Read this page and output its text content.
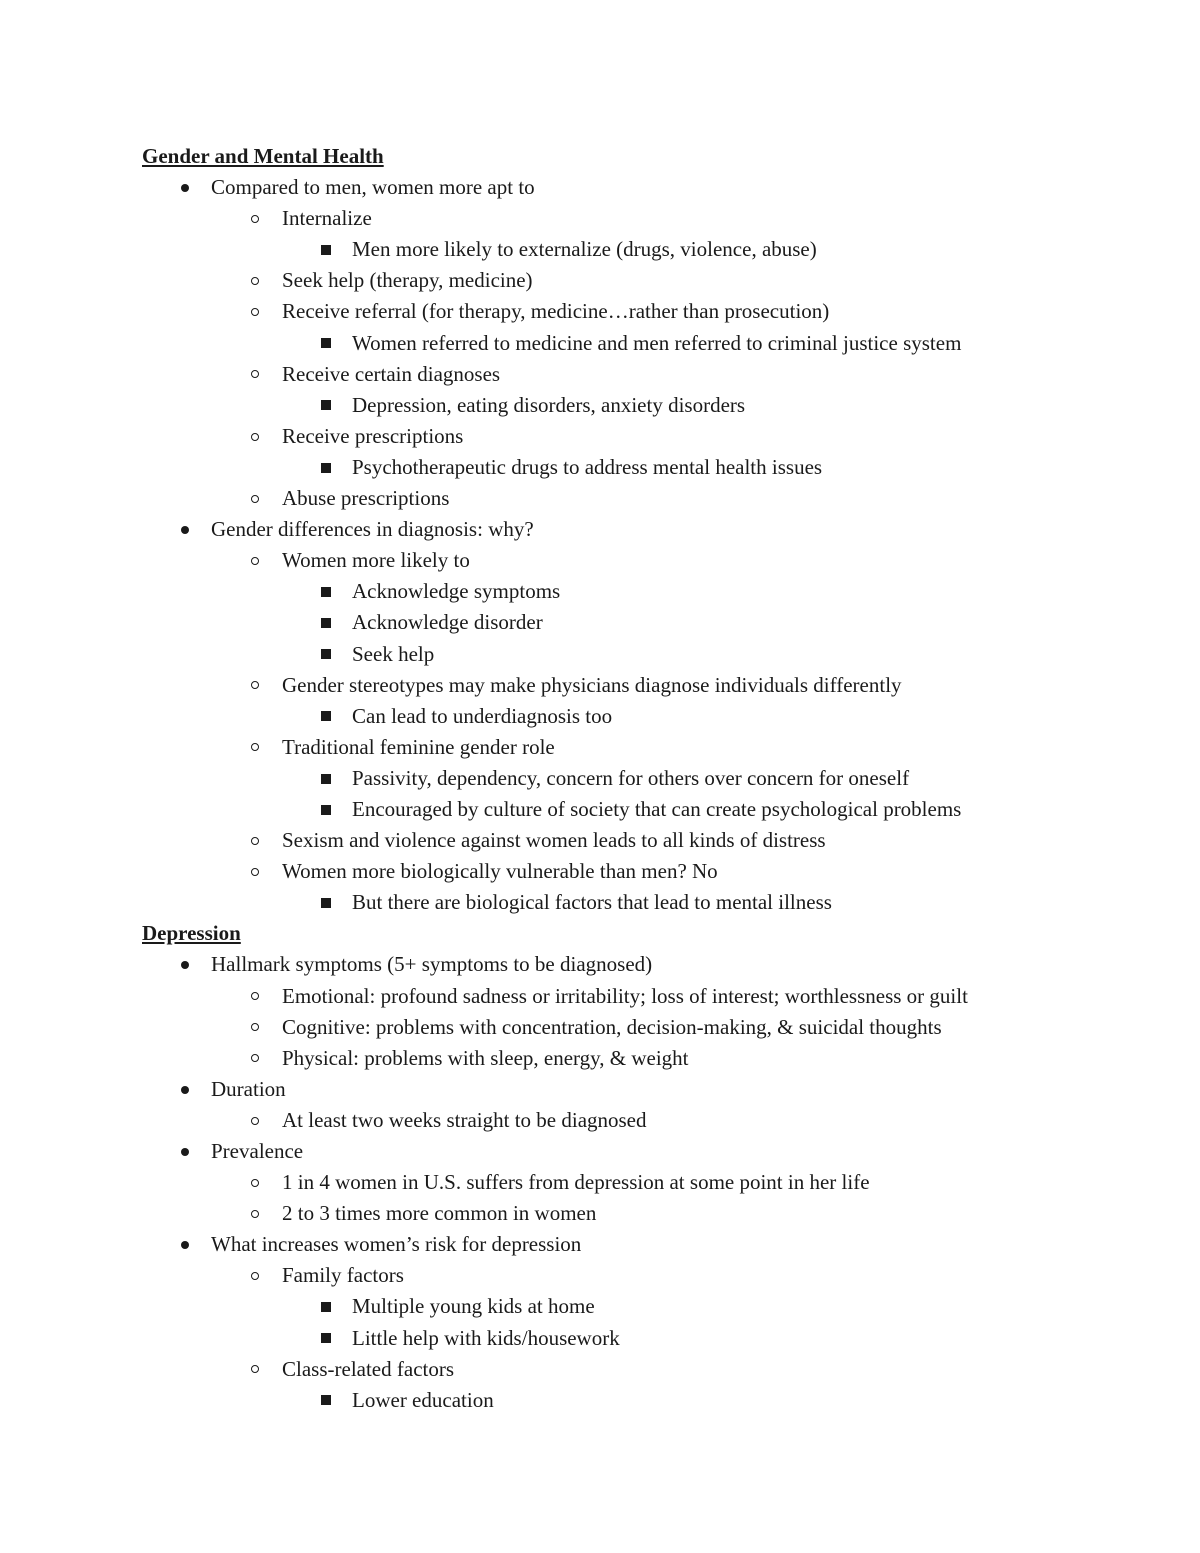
Gender and Mental Health
Compared to men, women more apt to
Internalize
Men more likely to externalize (drugs, violence, abuse)
Seek help (therapy, medicine)
Receive referral (for therapy, medicine…rather than prosecution)
Women referred to medicine and men referred to criminal justice system
Receive certain diagnoses
Depression, eating disorders, anxiety disorders
Receive prescriptions
Psychotherapeutic drugs to address mental health issues
Abuse prescriptions
Gender differences in diagnosis: why?
Women more likely to
Acknowledge symptoms
Acknowledge disorder
Seek help
Gender stereotypes may make physicians diagnose individuals differently
Can lead to underdiagnosis too
Traditional feminine gender role
Passivity, dependency, concern for others over concern for oneself
Encouraged by culture of society that can create psychological problems
Sexism and violence against women leads to all kinds of distress
Women more biologically vulnerable than men? No
But there are biological factors that lead to mental illness
Depression
Hallmark symptoms (5+ symptoms to be diagnosed)
Emotional: profound sadness or irritability; loss of interest; worthlessness or guilt
Cognitive: problems with concentration, decision-making, & suicidal thoughts
Physical: problems with sleep, energy, & weight
Duration
At least two weeks straight to be diagnosed
Prevalence
1 in 4 women in U.S. suffers from depression at some point in her life
2 to 3 times more common in women
What increases women’s risk for depression
Family factors
Multiple young kids at home
Little help with kids/housework
Class-related factors
Lower education
